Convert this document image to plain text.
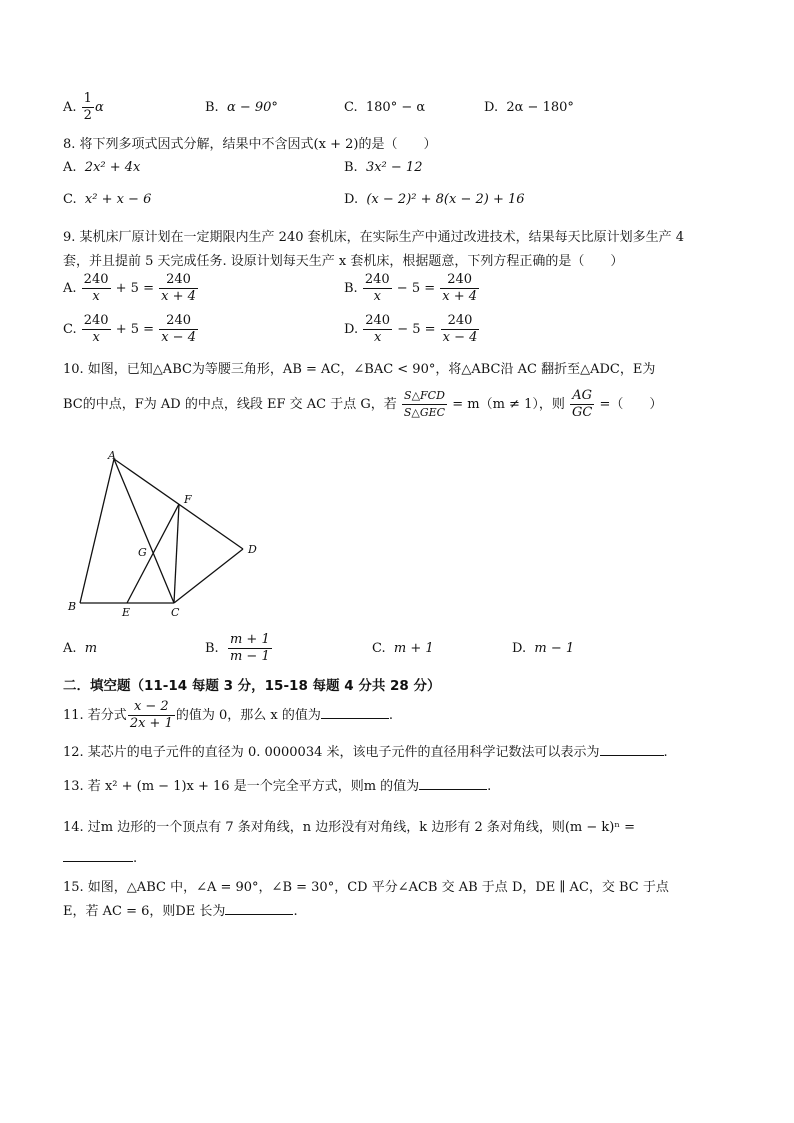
A. $\frac{1}{2}$ α	B. α − 90°	C. 180° − α	D. 2α − 180°
8. 将下列多项式因式分解，结果中不含因式(x + 2)的是（　　）
A. 2x² + 4x	B. 3x² − 12
C. x² + x − 6	D. (x − 2)² + 8(x − 2) + 16
9. 某机床厂原计划在一定期限内生产 240 套机床，在实际生产中通过改进技术，结果每天比原计划多生产 4
套，并且提前 5 天完成任务. 设原计划每天生产 x 套机床，根据题意，下列方程正确的是（　　）
A. $\frac{240}{x} + 5 = \frac{240}{x + 4}$	B. $\frac{240}{x} - 5 = \frac{240}{x + 4}$
C. $\frac{240}{x} + 5 = \frac{240}{x - 4}$	D. $\frac{240}{x} - 5 = \frac{240}{x - 4}$
10. 如图，已知△ABC为等腰三角形，AB = AC，∠BAC < 90°，将△ABC沿 AC 翻折至△ADC，E为
BC的中点，F为 AD 的中点，线段 EF 交 AC 于点 G，若 $\frac{\text{S△FCD}}{\text{S△GEC}} = m(m \ne 1)$，则 $\frac{AG}{GC}$ =（　　）
A
B	C
D
E
F
G
A. m	B. $\frac{m + 1}{m - 1}$	C. m + 1	D. m − 1
二．填空题（11-14 每题 3 分，15-18 每题 4 分共 28 分）
11. 若分式 $\frac{x - 2}{2x + 1}$ 的值为 0，那么 x 的值为	.
12. 某芯片的电子元件的直径为 0. 0000034 米，该电子元件的直径用科学记数法可以表示为	.
13. 若 x² + (m − 1)x + 16 是一个完全平方式，则m 的值为	.
14. 过m 边形的一个顶点有 7 条对角线，n 边形没有对角线，k 边形有 2 条对角线，则(m − k)ⁿ =
.
15. 如图，△ABC 中，∠A = 90°，∠B = 30°，CD 平分∠ACB 交 AB 于点 D，DE ∥ AC，交 BC 于点
E，若 AC = 6，则DE 长为	.
